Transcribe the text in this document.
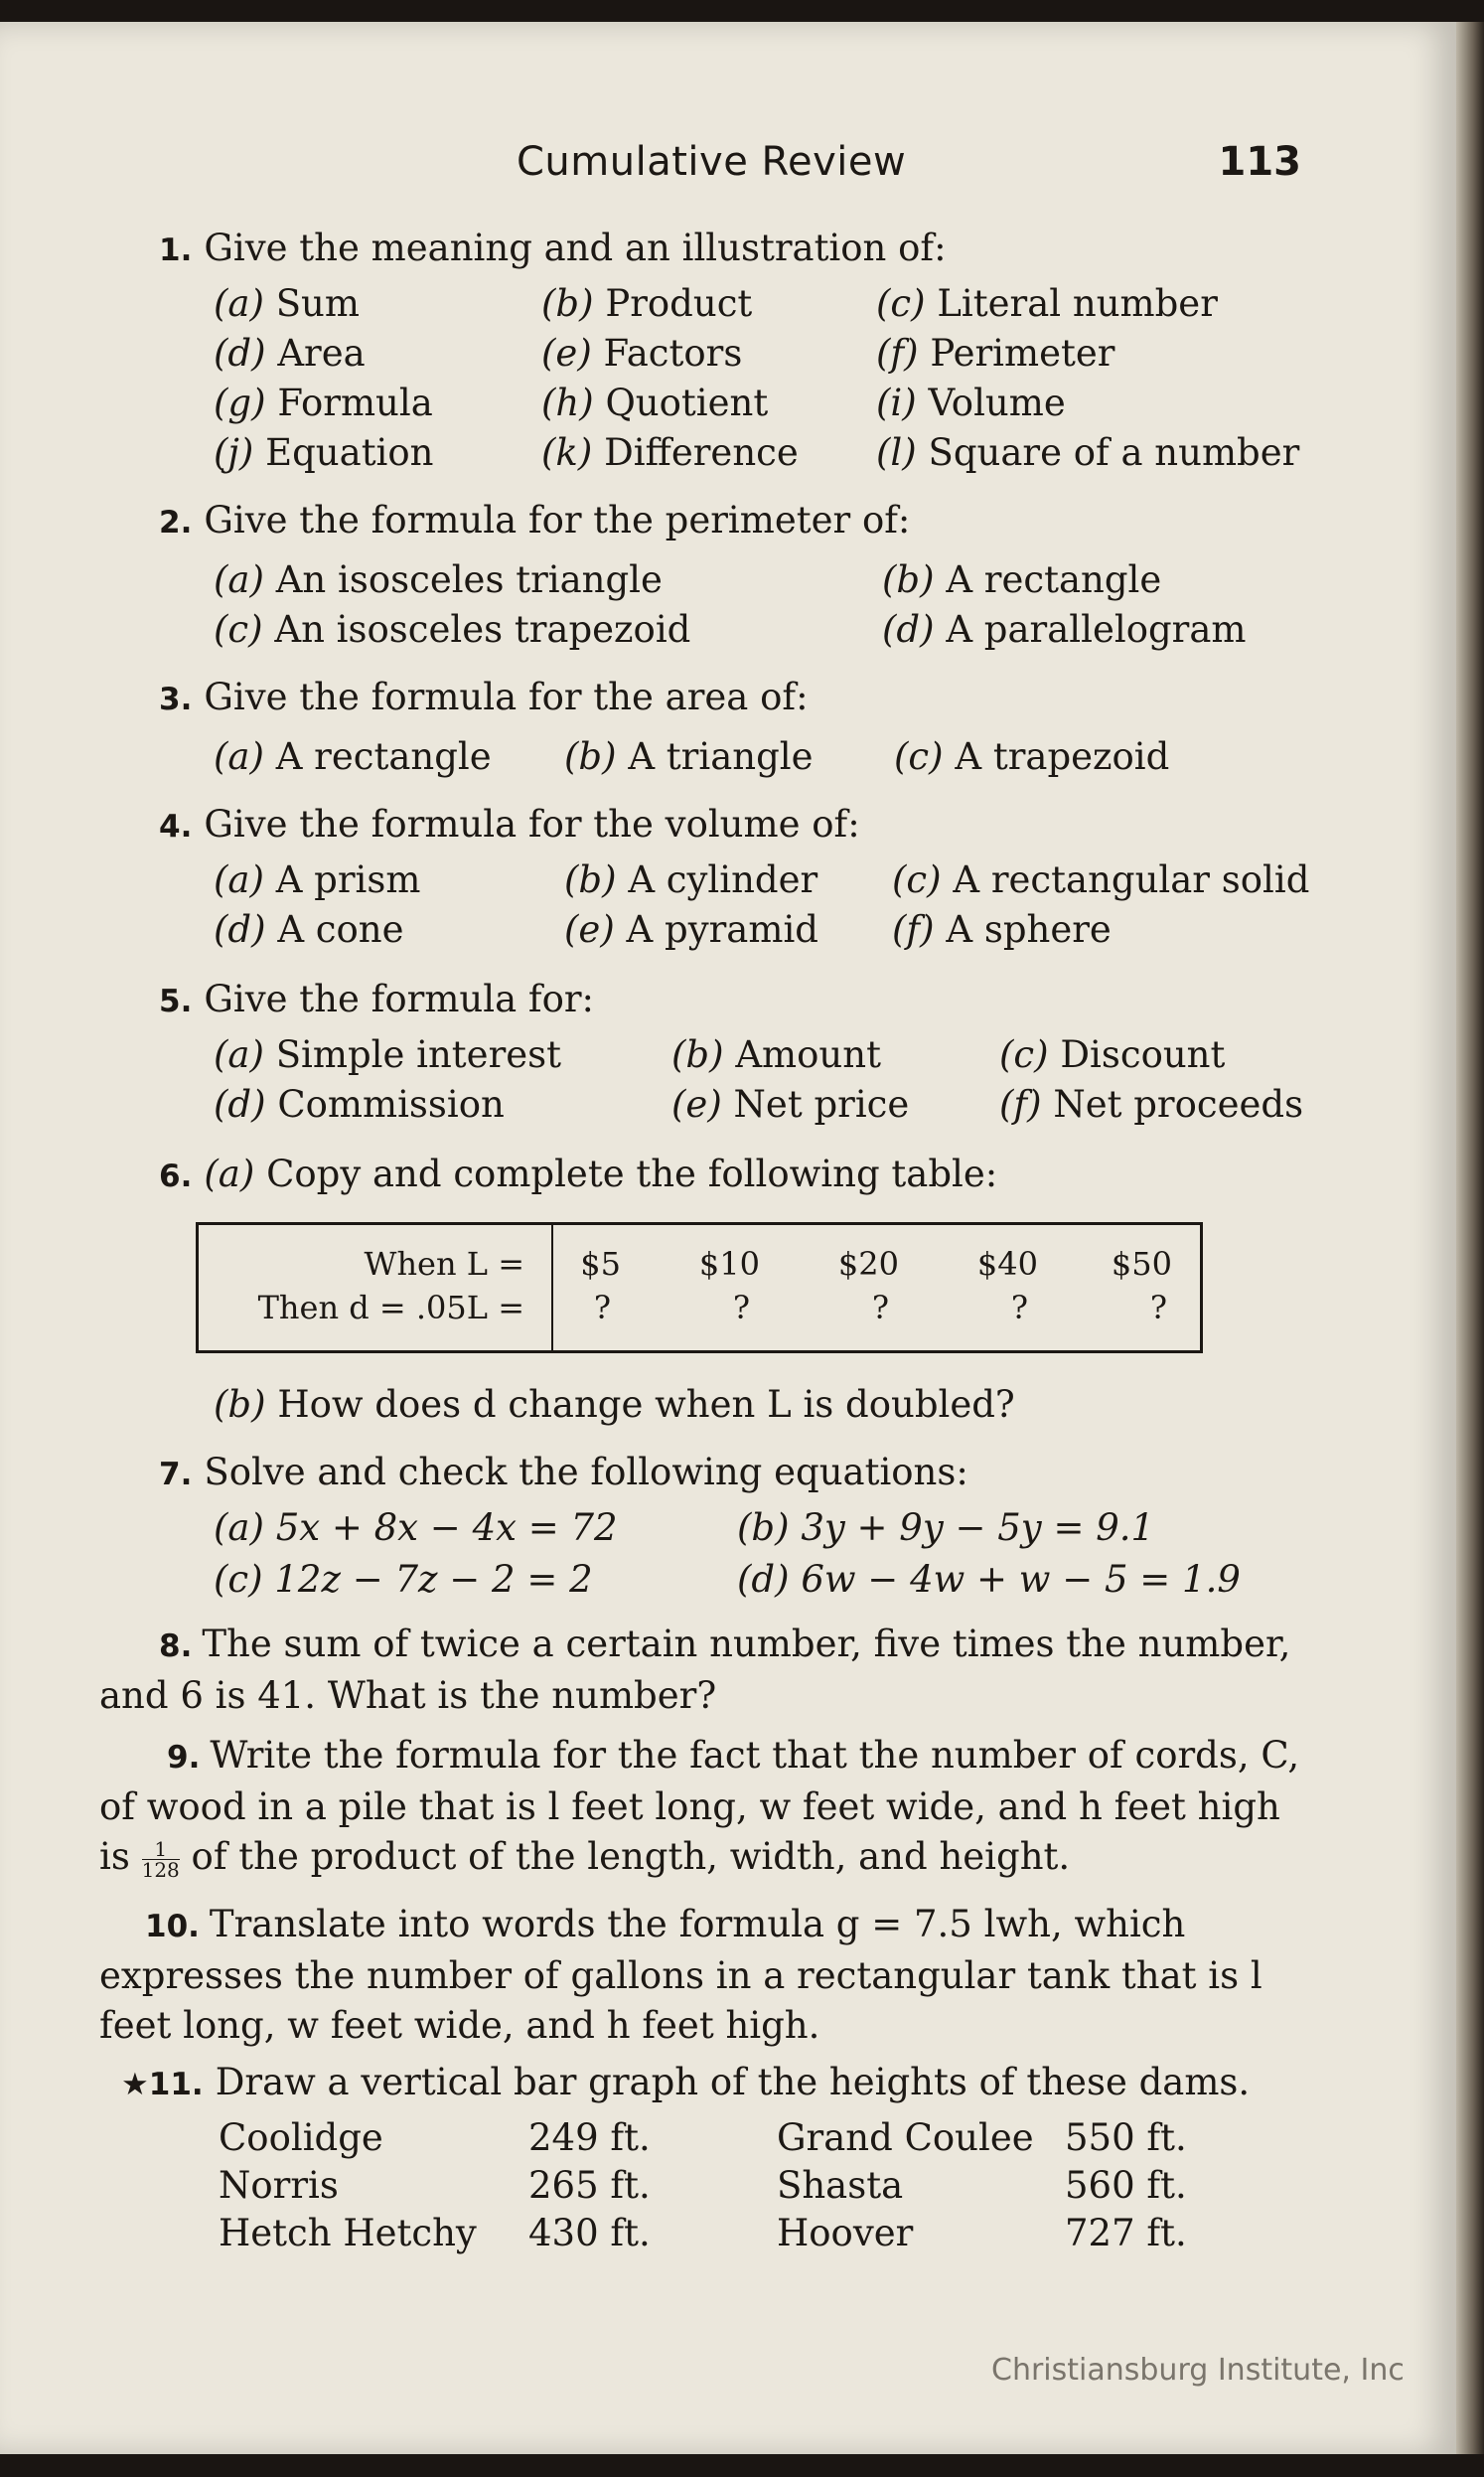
Cumulative Review	113
1. Give the meaning and an illustration of:
(a) Sum	(b) Product	(c) Literal number
(d) Area	(e) Factors	(f) Perimeter
(g) Formula	(h) Quotient	(i) Volume
(j) Equation	(k) Difference (l) Square of a number
2. Give the formula for the perimeter of:
(a) An isosceles triangle	(b) A rectangle
(c) An isosceles trapezoid	(d) A parallelogram
3. Give the formula for the area of:
(a) A rectangle (b) A triangle (c) A trapezoid
4. Give the formula for the volume of:
(a) A prism	(b) A cylinder (c) A rectangular solid
(d) A cone	(e) A pyramid (f) A sphere
5. Give the formula for:
(a) Simple interest	(b) Amount	(c) Discount
(d) Commission	(e) Net price (f) Net proceeds
6. (a) Copy and complete the following table:
When L =	$5	$10	$20	$40	$50
Then d = .05L =	?	?	?	?	?
(b) How does d change when L is doubled?
7. Solve and check the following equations:
(a) 5x + 8x − 4x = 72	(b) 3y + 9y − 5y = 9.1
(c) 12z − 7z − 2 = 2	(d) 6w − 4w + w − 5 = 1.9
8. The sum of twice a certain number, five times the number, and 6 is 41. What is the number?
9. Write the formula for the fact that the number of cords, C, of wood in a pile that is l feet long, w feet wide, and h feet high is $\frac{1}{128}$ of the product of the length, width, and height.
10. Translate into words the formula g = 7.5 lwh, which expresses the number of gallons in a rectangular tank that is l feet long, w feet wide, and h feet high.
★11. Draw a vertical bar graph of the heights of these dams.
Coolidge	249 ft.	Grand Coulee 550 ft.
Norris	265 ft.	Shasta	560 ft.
Hetch Hetchy 430 ft.	Hoover	727 ft.
Christiansburg Institute, Inc
